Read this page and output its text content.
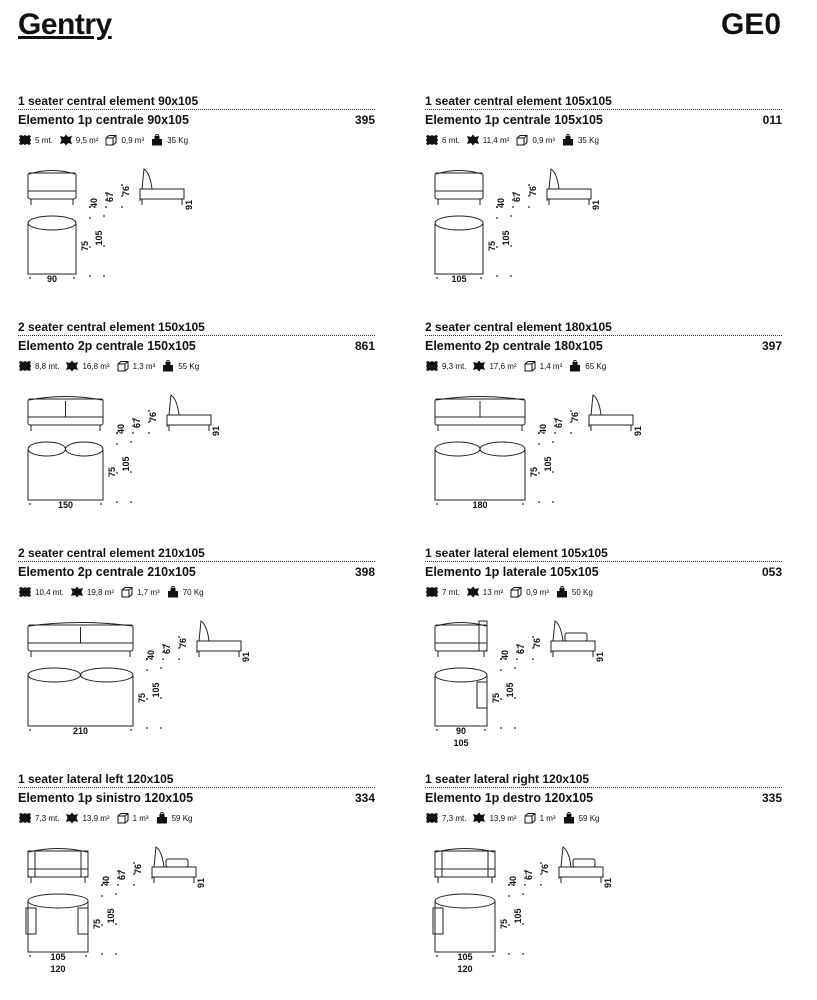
Gentry	GE0
1 seater central element 90x105
Elemento 1p centrale 90x105	395
5 mt.	9,5 m²	0,9 m³	35 Kg
40
67
76
91
90
75
105
1 seater central element 105x105
Elemento 1p centrale 105x105	011
6 mt.	11,4 m²	0,9 m³	35 Kg
40
67
76
91
105
75
105
2 seater central element 150x105
Elemento 2p centrale 150x105	861
8,8 mt.	16,8 m²	1,3 m³	55 Kg
40
67
76
91
150
75
105
2 seater central element 180x105
Elemento 2p centrale 180x105	397
9,3 mt.	17,6 m²	1,4 m³	65 Kg
40
67
76
91
180
75
105
2 seater central element 210x105
Elemento 2p centrale 210x105	398
10,4 mt.	19,8 m²	1,7 m³	70 Kg
40
67
76
91
210
75
105
1 seater lateral element 105x105
Elemento 1p laterale 105x105	053
7 mt.	13 m²	0,9 m³	50 Kg
40
67
76
91
90
75
105
105
1 seater lateral left 120x105
Elemento 1p sinistro 120x105	334
7,3 mt.	13,9 m²	1 m³	59 Kg
40
67
76
91
105
75
105
120
1 seater lateral right 120x105
Elemento 1p destro 120x105	335
7,3 mt.	13,9 m²	1 m³	59 Kg
40
67
76
91
105
75
105
120
